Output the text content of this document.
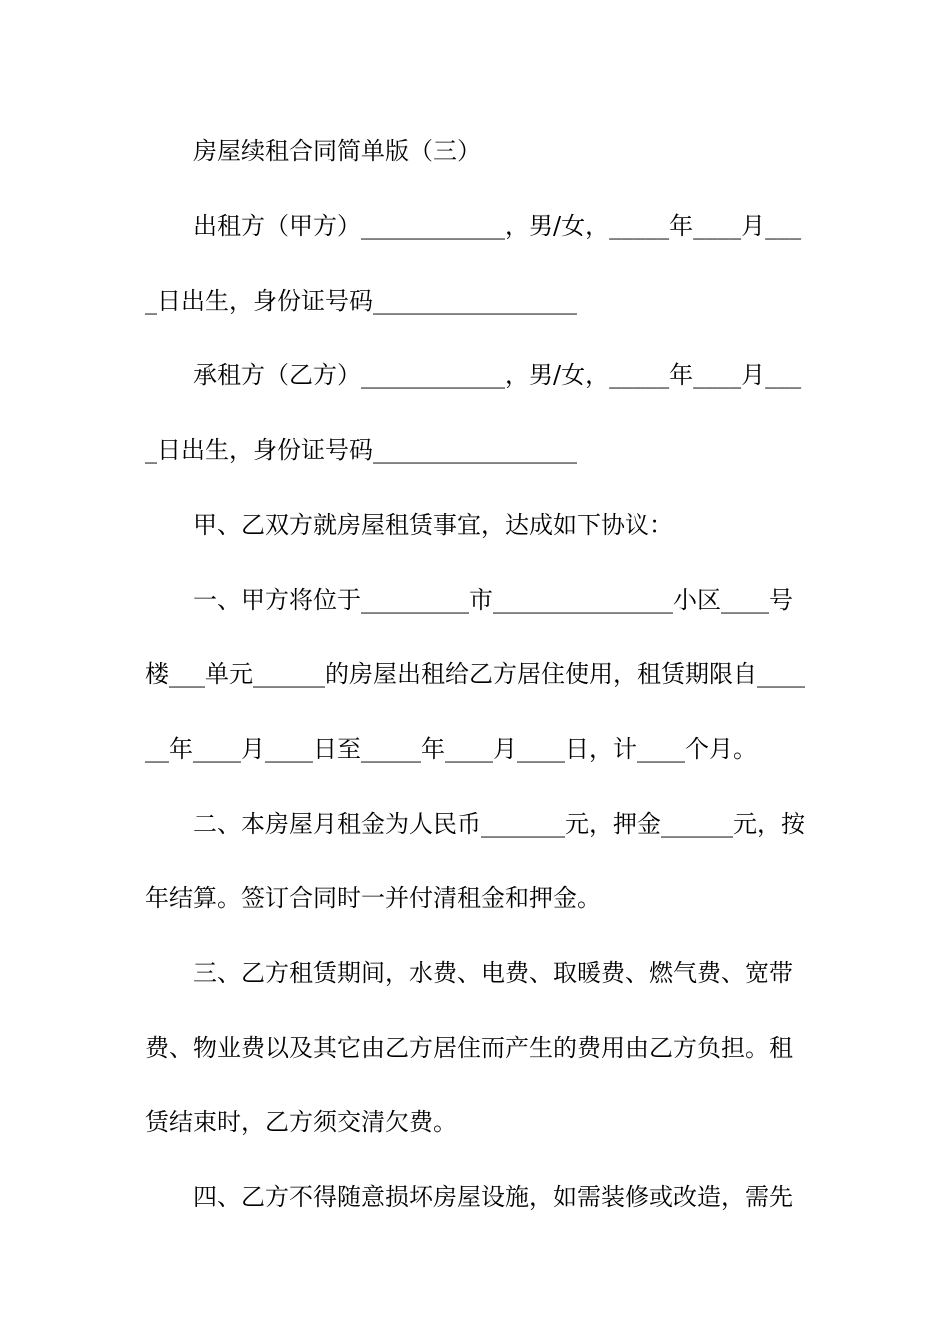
房屋续租合同简单版（三）
出租方（甲方）____________，男/女，_____年____月___
_日出生，身份证号码_________________
承租方（乙方）____________，男/女，_____年____月___
_日出生，身份证号码_________________
甲、乙双方就房屋租赁事宜，达成如下协议：
一、甲方将位于_________市_______________小区____号
楼___单元______的房屋出租给乙方居住使用，租赁期限自____
__年____月____日至_____年____月____日，计____个月。
二、本房屋月租金为人民币_______元，押金______元，按
年结算。签订合同时一并付清租金和押金。
三、乙方租赁期间，水费、电费、取暖费、燃气费、宽带
费、物业费以及其它由乙方居住而产生的费用由乙方负担。租
赁结束时，乙方须交清欠费。
四、乙方不得随意损坏房屋设施，如需装修或改造，需先
